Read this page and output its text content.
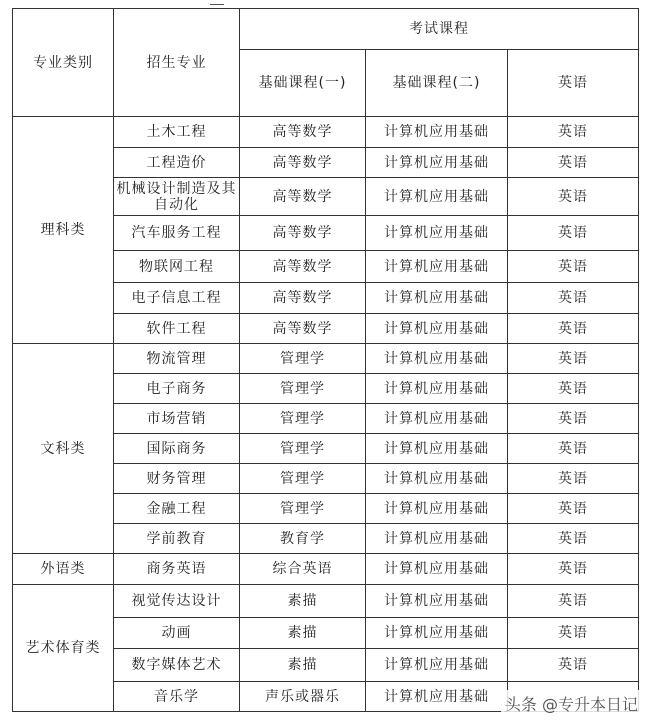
专业类别	招生专业	考试课程		
		基础课程(一)	基础课程(二)	英语
理科类	土木工程	高等数学	计算机应用基础	英语
	工程造价	高等数学	计算机应用基础	英语
	机械设计制造及其自动化	高等数学	计算机应用基础	英语
	汽车服务工程	高等数学	计算机应用基础	英语
	物联网工程	高等数学	计算机应用基础	英语
	电子信息工程	高等数学	计算机应用基础	英语
	软件工程	高等数学	计算机应用基础	英语
文科类	物流管理	管理学	计算机应用基础	英语
	电子商务	管理学	计算机应用基础	英语
	市场营销	管理学	计算机应用基础	英语
	国际商务	管理学	计算机应用基础	英语
	财务管理	管理学	计算机应用基础	英语
	金融工程	管理学	计算机应用基础	英语
	学前教育	教育学	计算机应用基础	英语
外语类	商务英语	综合英语	计算机应用基础	英语
艺术体育类	视觉传达设计	素描	计算机应用基础	英语
	动画	素描	计算机应用基础	英语
	数字媒体艺术	素描	计算机应用基础	英语
	音乐学	声乐或器乐	计算机应用基础	头条 @专升本日记
